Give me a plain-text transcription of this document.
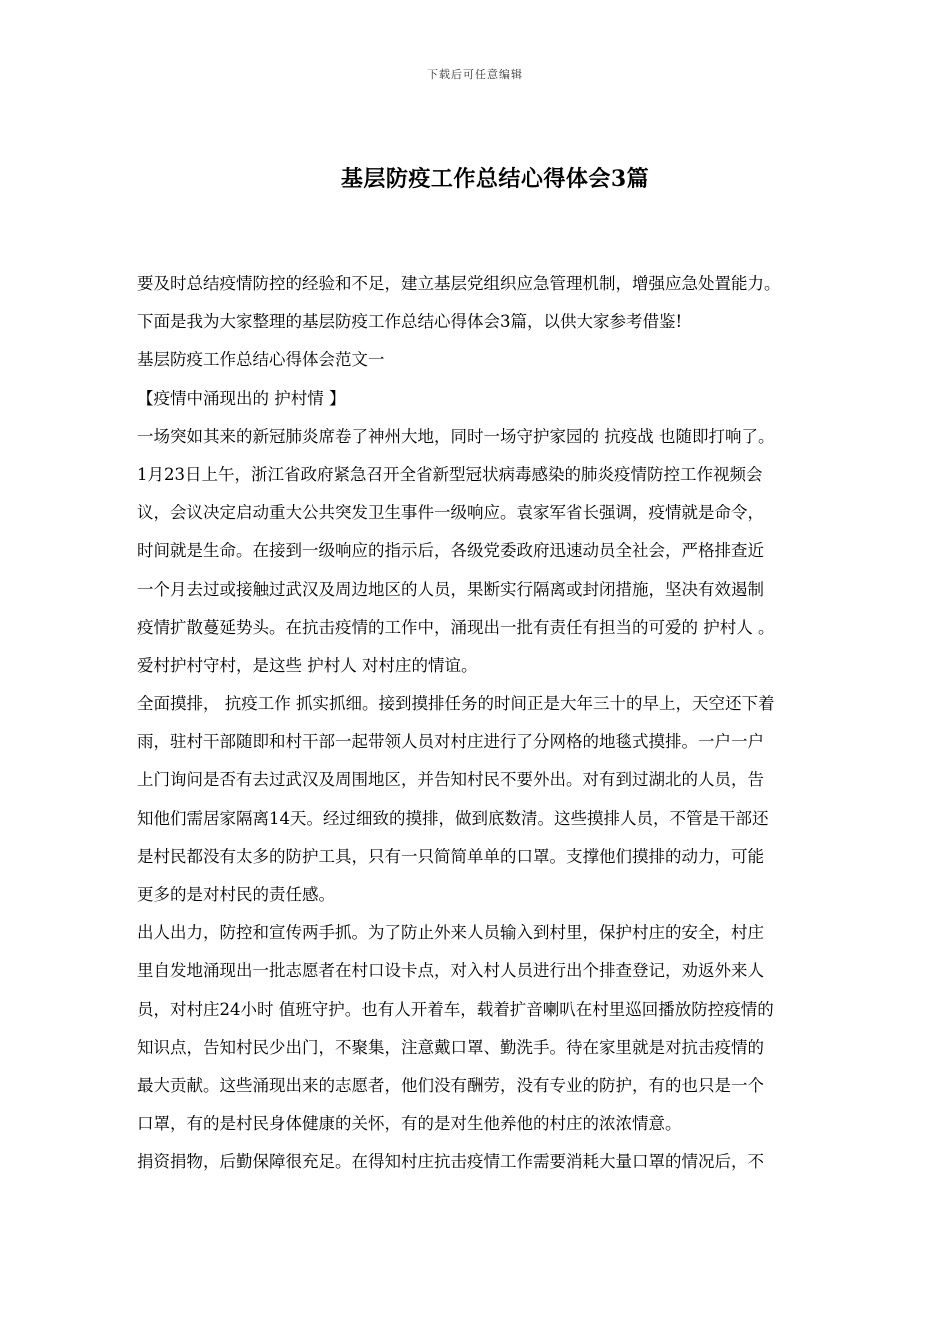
下载后可任意编辑
基层防疫工作总结心得体会3篇
要及时总结疫情防控的经验和不足，建立基层党组织应急管理机制，增强应急处置能力。
下面是我为大家整理的基层防疫工作总结心得体会3篇，以供大家参考借鉴!
基层防疫工作总结心得体会范文一
【疫情中涌现出的 护村情 】
一场突如其来的新冠肺炎席卷了神州大地，同时一场守护家园的 抗疫战 也随即打响了。
1月23日上午，浙江省政府紧急召开全省新型冠状病毒感染的肺炎疫情防控工作视频会
议，会议决定启动重大公共突发卫生事件一级响应。袁家军省长强调，疫情就是命令，
时间就是生命。在接到一级响应的指示后，各级党委政府迅速动员全社会，严格排查近
一个月去过或接触过武汉及周边地区的人员，果断实行隔离或封闭措施，坚决有效遏制
疫情扩散蔓延势头。在抗击疫情的工作中，涌现出一批有责任有担当的可爱的 护村人 。
爱村护村守村，是这些 护村人 对村庄的情谊。
全面摸排， 抗疫工作 抓实抓细。接到摸排任务的时间正是大年三十的早上，天空还下着
雨，驻村干部随即和村干部一起带领人员对村庄进行了分网格的地毯式摸排。一户一户
上门询问是否有去过武汉及周围地区，并告知村民不要外出。对有到过湖北的人员，告
知他们需居家隔离14天。经过细致的摸排，做到底数清。这些摸排人员，不管是干部还
是村民都没有太多的防护工具，只有一只简简单单的口罩。支撑他们摸排的动力，可能
更多的是对村民的责任感。
出人出力，防控和宣传两手抓。为了防止外来人员输入到村里，保护村庄的安全，村庄
里自发地涌现出一批志愿者在村口设卡点，对入村人员进行出个排查登记，劝返外来人
员，对村庄24小时 值班守护。也有人开着车，载着扩音喇叭在村里巡回播放防控疫情的
知识点，告知村民少出门，不聚集，注意戴口罩、勤洗手。待在家里就是对抗击疫情的
最大贡献。这些涌现出来的志愿者，他们没有酬劳，没有专业的防护，有的也只是一个
口罩，有的是村民身体健康的关怀，有的是对生他养他的村庄的浓浓情意。
捐资捐物，后勤保障很充足。在得知村庄抗击疫情工作需要消耗大量口罩的情况后，不
